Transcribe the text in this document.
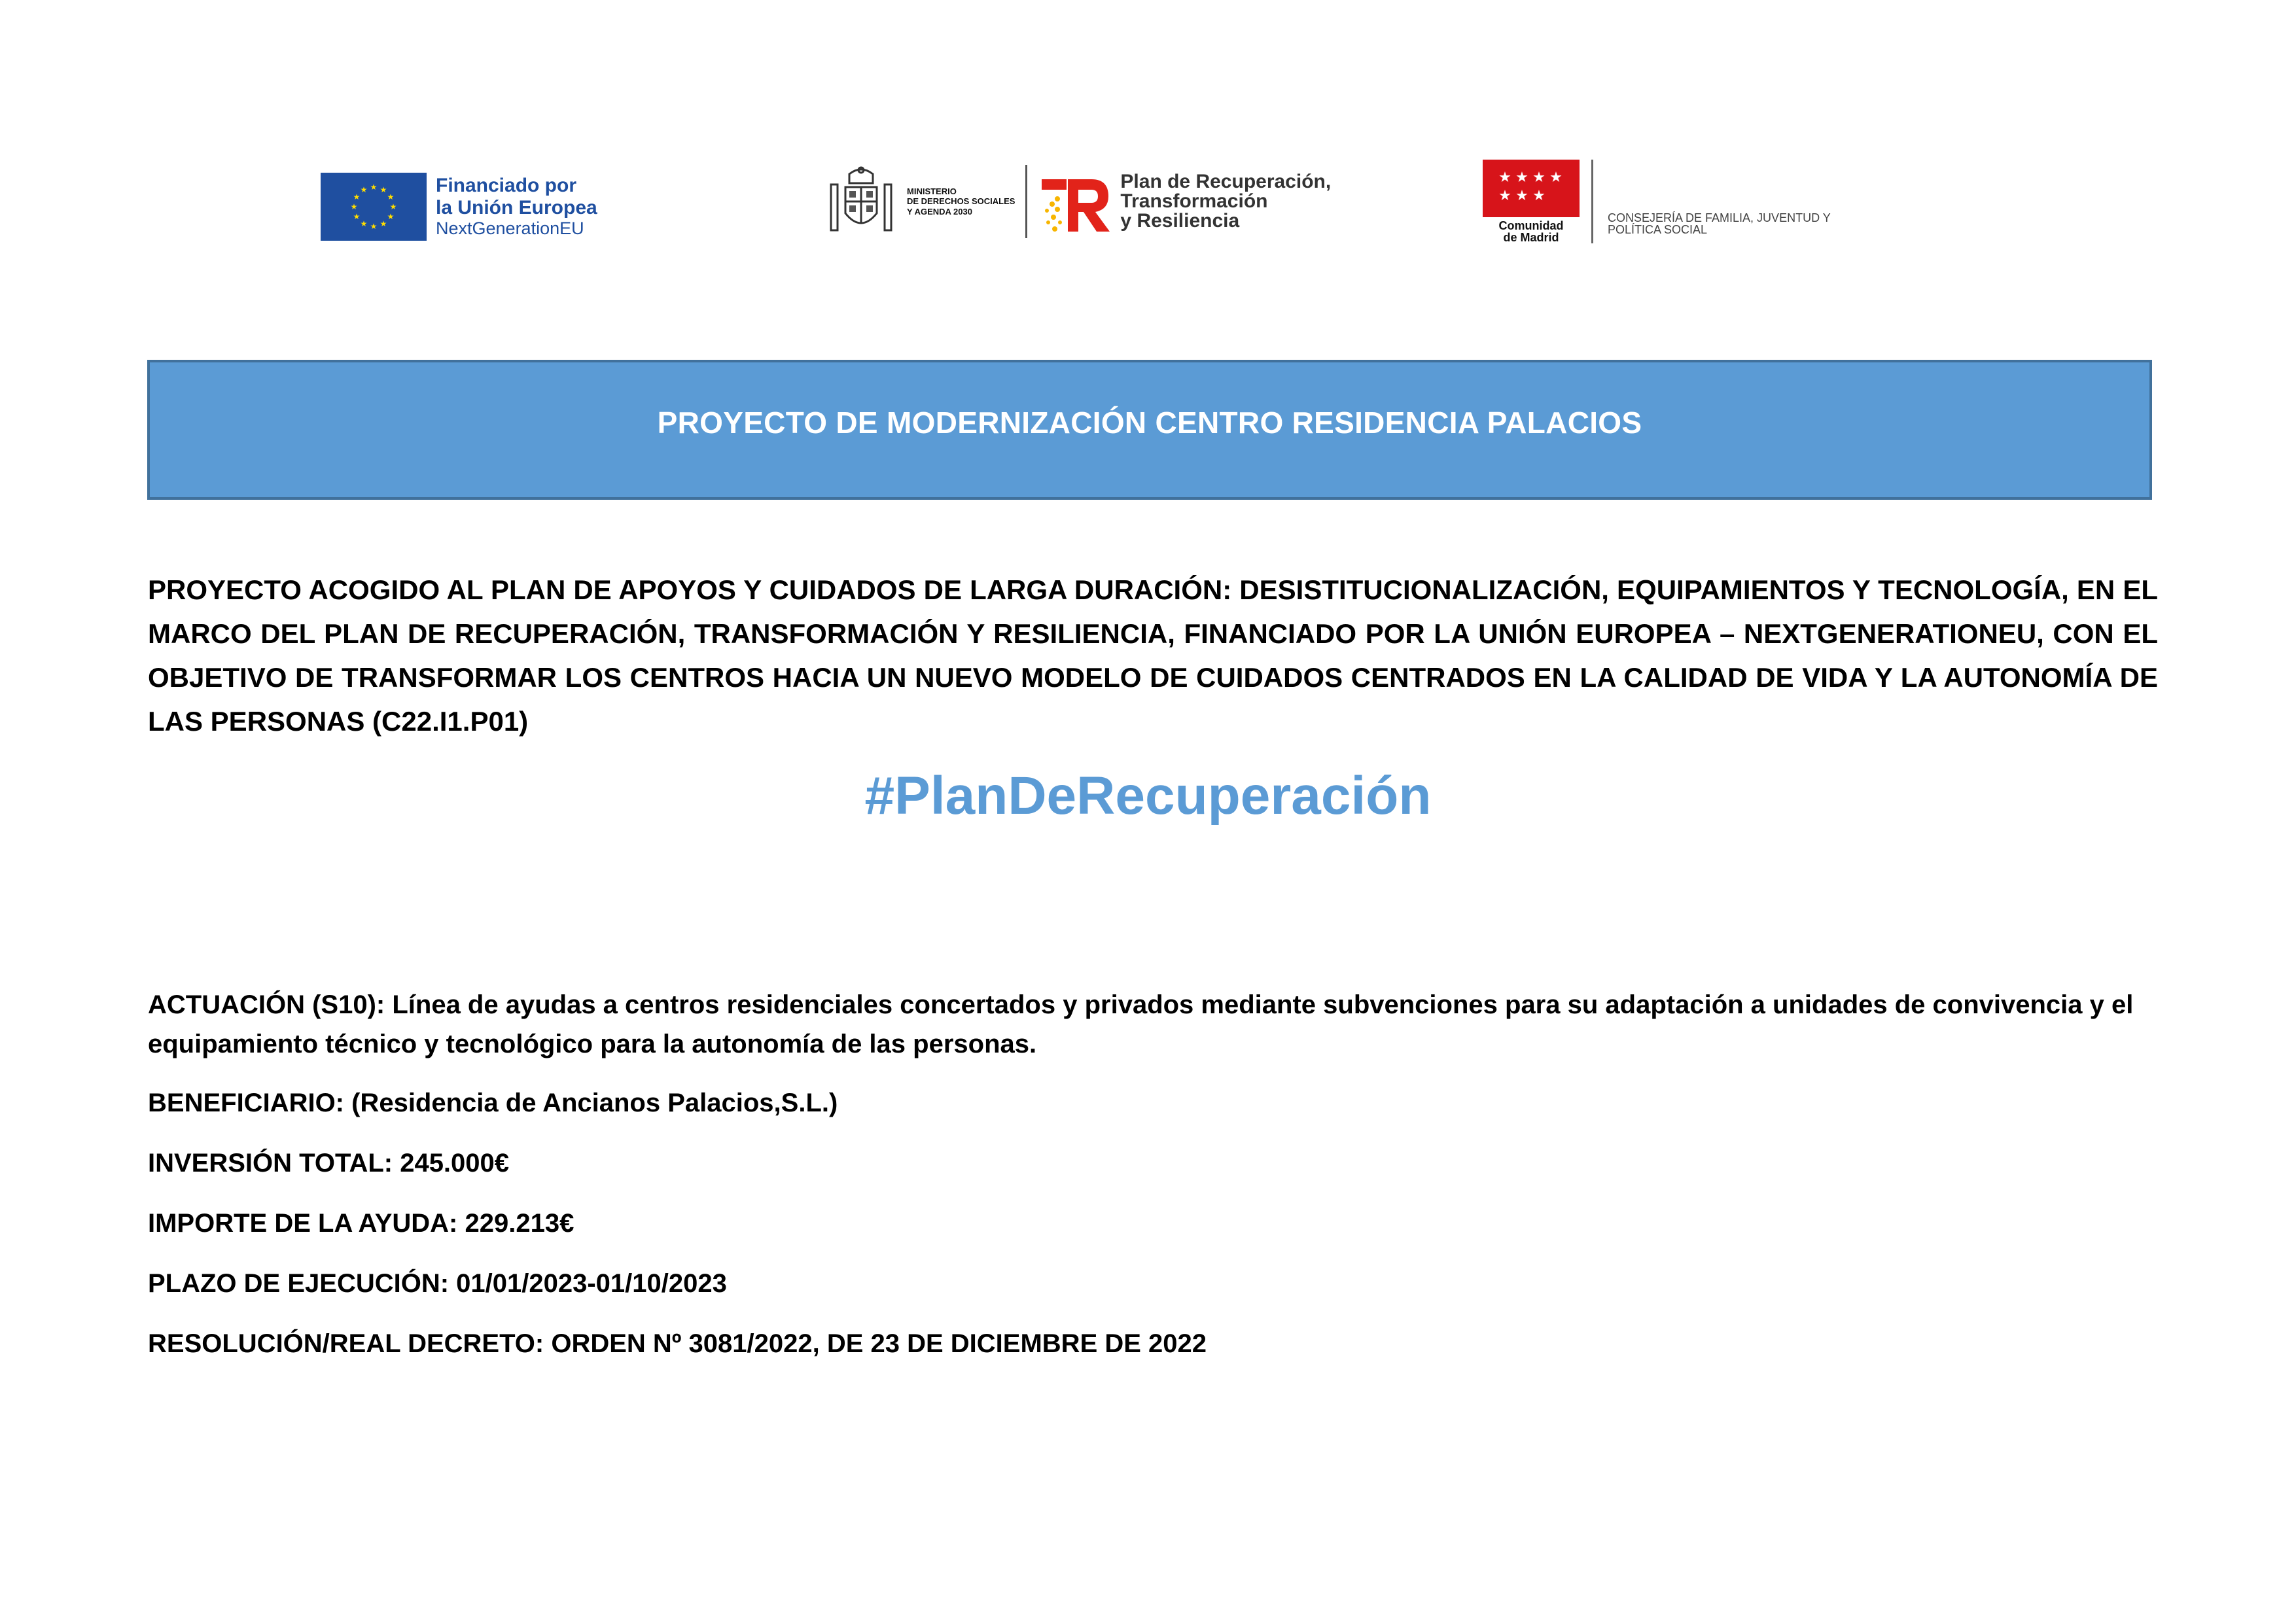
★ ★
★
★
★
★
★
★
★
★
★
★	Financiado por
la Unión Europea
NextGenerationEU
MINISTERIO
DE DERECHOS SOCIALES
Y AGENDA 2030
Plan de Recuperación,
Transformación
y Resiliencia
★ ★ ★ ★
★ ★ ★
Comunidad
de Madrid
CONSEJERÍA DE FAMILIA, JUVENTUD Y
POLÍTICA SOCIAL
PROYECTO DE MODERNIZACIÓN CENTRO RESIDENCIA PALACIOS

PROYECTO ACOGIDO AL PLAN DE APOYOS Y CUIDADOS DE LARGA DURACIÓN: DESISTITUCIONALIZACIÓN, EQUIPAMIENTOS Y TECNOLOGÍA, EN EL MARCO DEL PLAN DE RECUPERACIÓN, TRANSFORMACIÓN Y RESILIENCIA, FINANCIADO POR LA UNIÓN EUROPEA – NEXTGENERATIONEU, CON EL OBJETIVO DE TRANSFORMAR LOS CENTROS HACIA UN NUEVO MODELO DE CUIDADOS CENTRADOS EN LA CALIDAD DE VIDA Y LA AUTONOMÍA DE LAS PERSONAS (C22.I1.P01)

#PlanDeRecuperación

ACTUACIÓN (S10): Línea de ayudas a centros residenciales concertados y privados mediante subvenciones para su adaptación a unidades de convivencia y el equipamiento técnico y tecnológico para la autonomía de las personas.

BENEFICIARIO: (Residencia de Ancianos Palacios,S.L.)

INVERSIÓN TOTAL: 245.000€

IMPORTE DE LA AYUDA: 229.213€

PLAZO DE EJECUCIÓN: 01/01/2023-01/10/2023

RESOLUCIÓN/REAL DECRETO: ORDEN Nº 3081/2022, DE 23 DE DICIEMBRE DE 2022
